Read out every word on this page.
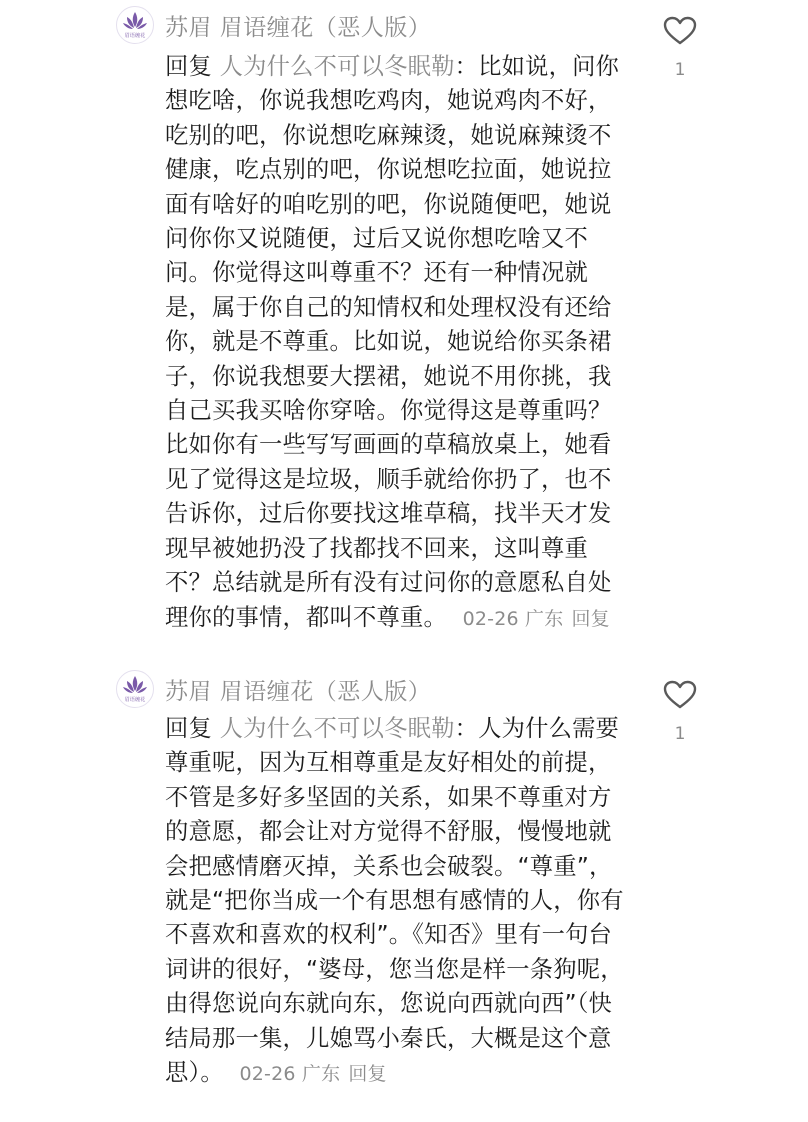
眉语缠花 苏眉 眉语缠花（恶人版）
回复 人为什么不可以冬眠勒：比如说，问你想吃啥，你说我想吃鸡肉，她说鸡肉不好，吃别的吧，你说想吃麻辣烫，她说麻辣烫不健康，吃点别的吧，你说想吃拉面，她说拉面有啥好的咱吃别的吧，你说随便吧，她说问你你又说随便，过后又说你想吃啥又不问。你觉得这叫尊重不？还有一种情况就是，属于你自己的知情权和处理权没有还给你，就是不尊重。比如说，她说给你买条裙子，你说我想要大摆裙，她说不用你挑，我自己买我买啥你穿啥。你觉得这是尊重吗？比如你有一些写写画画的草稿放桌上，她看见了觉得这是垃圾，顺手就给你扔了，也不告诉你，过后你要找这堆草稿，找半天才发现早被她扔没了找都找不回来，这叫尊重不？总结就是所有没有过问你的意愿私自处理你的事情，都叫不尊重。 02-26 广东 回复
1
眉语缠花 苏眉 眉语缠花（恶人版）
回复 人为什么不可以冬眠勒：人为什么需要尊重呢，因为互相尊重是友好相处的前提，不管是多好多坚固的关系，如果不尊重对方的意愿，都会让对方觉得不舒服，慢慢地就会把感情磨灭掉，关系也会破裂。“尊重”，就是“把你当成一个有思想有感情的人，你有不喜欢和喜欢的权利”。《知否》里有一句台词讲的很好，“婆母，您当您是样一条狗呢，由得您说向东就向东，您说向西就向西”（快结局那一集，儿媳骂小秦氏，大概是这个意思）。 02-26 广东 回复
1
